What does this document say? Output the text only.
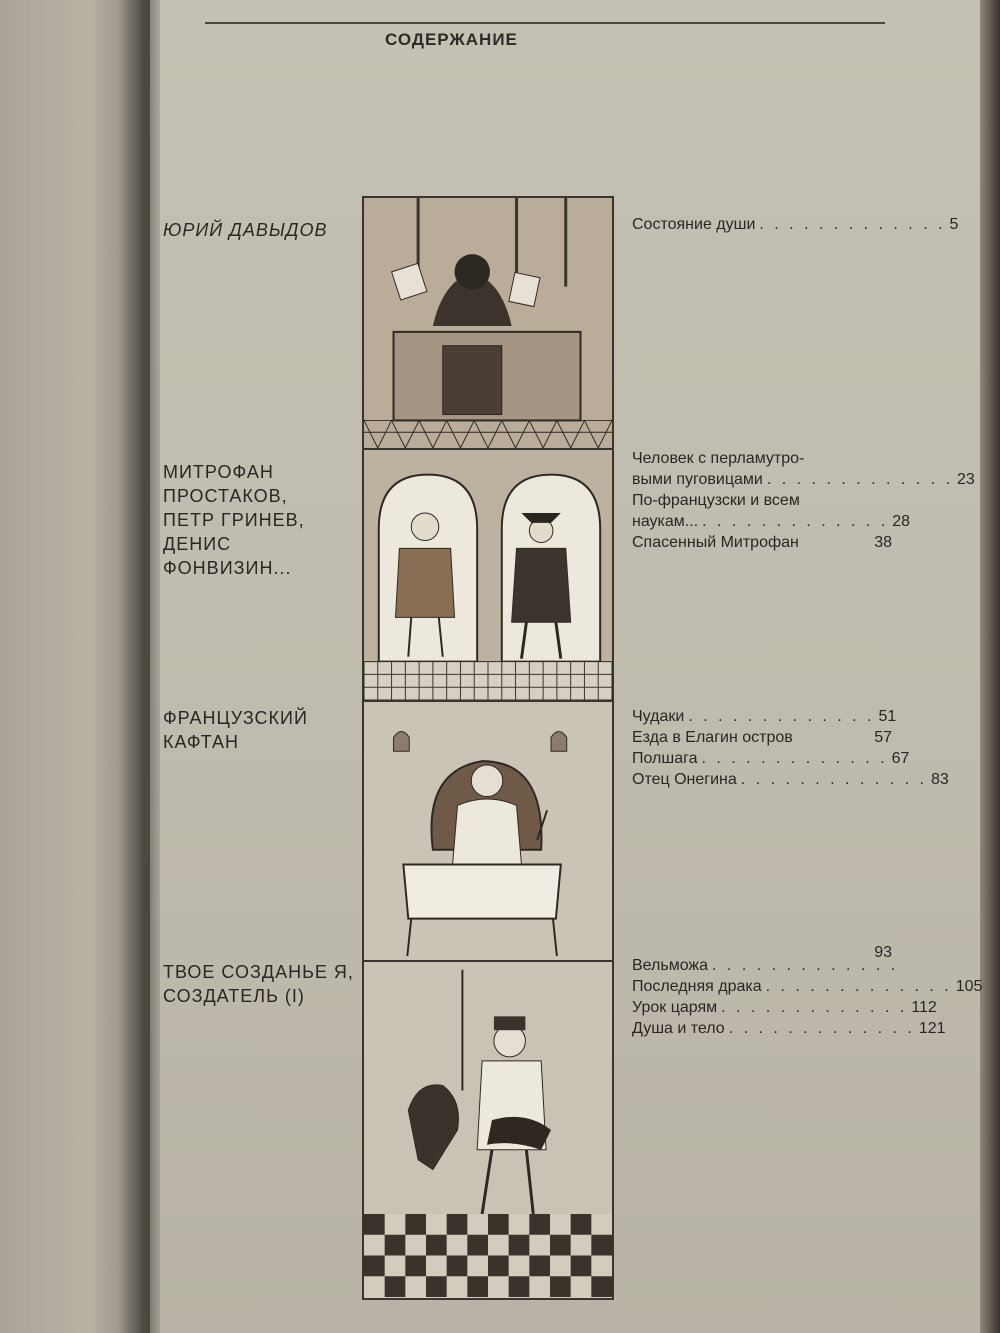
СОДЕРЖАНИЕ
ЮРИЙ ДАВЫДОВ
МИТРОФАН
ПРОСТАКОВ,
ПЕТР ГРИНЕВ,
ДЕНИС
ФОНВИЗИН...
ФРАНЦУЗСКИЙ
КАФТАН
ТВОЕ СОЗДАНЬЕ Я,
СОЗДАТЕЛЬ (I)
Состояние души . . . . . . . . . . . . . 5
Человек с перламутро-
выми пуговицами . . . . . . . . . . . . . 23
По-французски и всем
наукам... . . . . . . . . . . . . . 28
Спасенный Митрофан	38
Чудаки . . . . . . . . . . . . . 51
Езда в Елагин остров	57
Полшага . . . . . . . . . . . . . 67
Отец Онегина . . . . . . . . . . . . . 83
93
Вельможа . . . . . . . . . . . . .
Последняя драка . . . . . . . . . . . . . 105
Урок царям . . . . . . . . . . . . . 112
Душа и тело . . . . . . . . . . . . . 121
